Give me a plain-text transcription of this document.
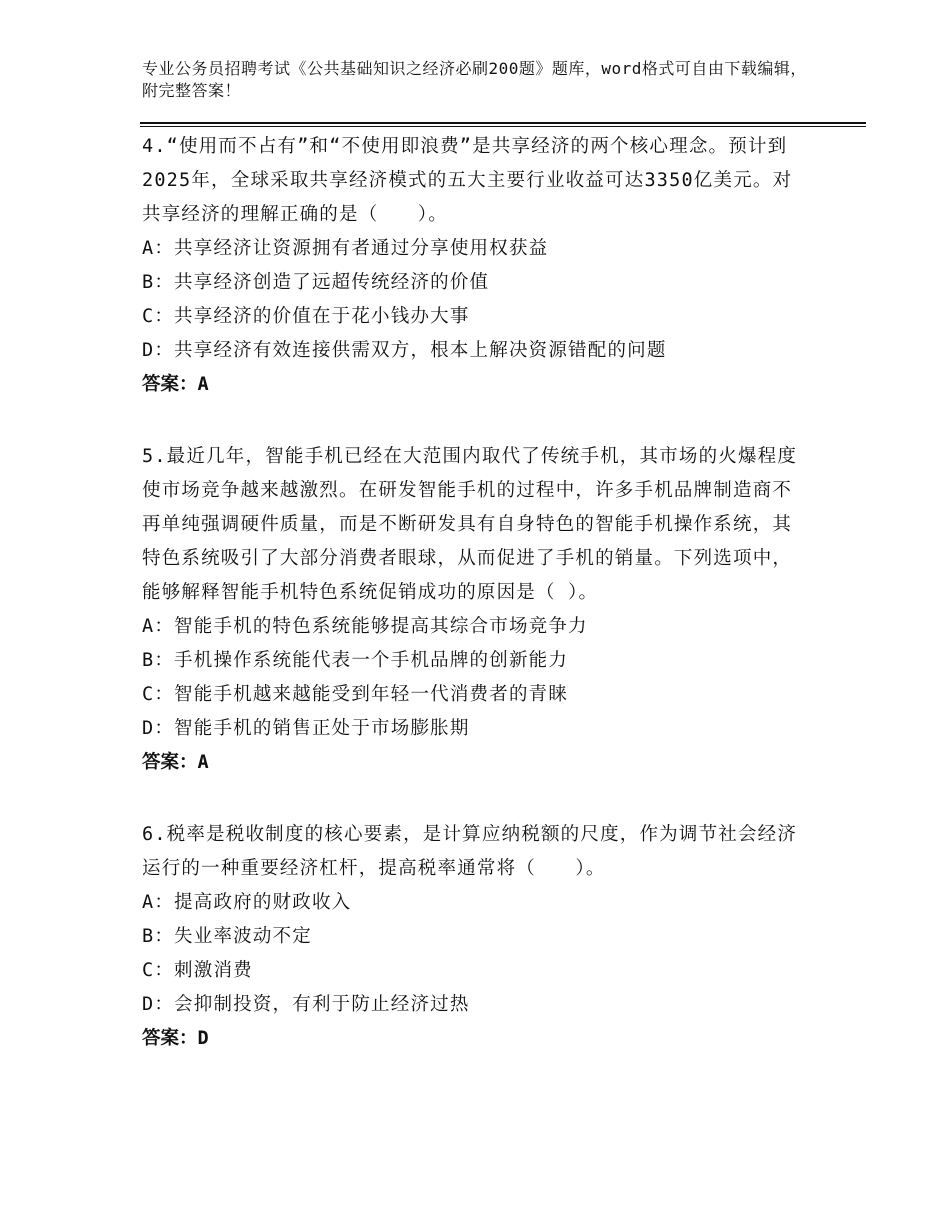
专业公务员招聘考试《公共基础知识之经济必刷200题》题库，word格式可自由下载编辑，附完整答案！

4.“使用而不占有”和“不使用即浪费”是共享经济的两个核心理念。预计到2025年，全球采取共享经济模式的五大主要行业收益可达3350亿美元。对共享经济的理解正确的是（　　）。

A：共享经济让资源拥有者通过分享使用权获益

B：共享经济创造了远超传统经济的价值

C：共享经济的价值在于花小钱办大事

D：共享经济有效连接供需双方，根本上解决资源错配的问题

答案：A

5.最近几年，智能手机已经在大范围内取代了传统手机，其市场的火爆程度使市场竞争越来越激烈。在研发智能手机的过程中，许多手机品牌制造商不再单纯强调硬件质量，而是不断研发具有自身特色的智能手机操作系统，其特色系统吸引了大部分消费者眼球，从而促进了手机的销量。下列选项中，能够解释智能手机特色系统促销成功的原因是（ ）。

A：智能手机的特色系统能够提高其综合市场竞争力

B：手机操作系统能代表一个手机品牌的创新能力

C：智能手机越来越能受到年轻一代消费者的青睐

D：智能手机的销售正处于市场膨胀期

答案：A

6.税率是税收制度的核心要素，是计算应纳税额的尺度，作为调节社会经济运行的一种重要经济杠杆，提高税率通常将（　　）。

A：提高政府的财政收入

B：失业率波动不定

C：刺激消费

D：会抑制投资，有利于防止经济过热

答案：D
